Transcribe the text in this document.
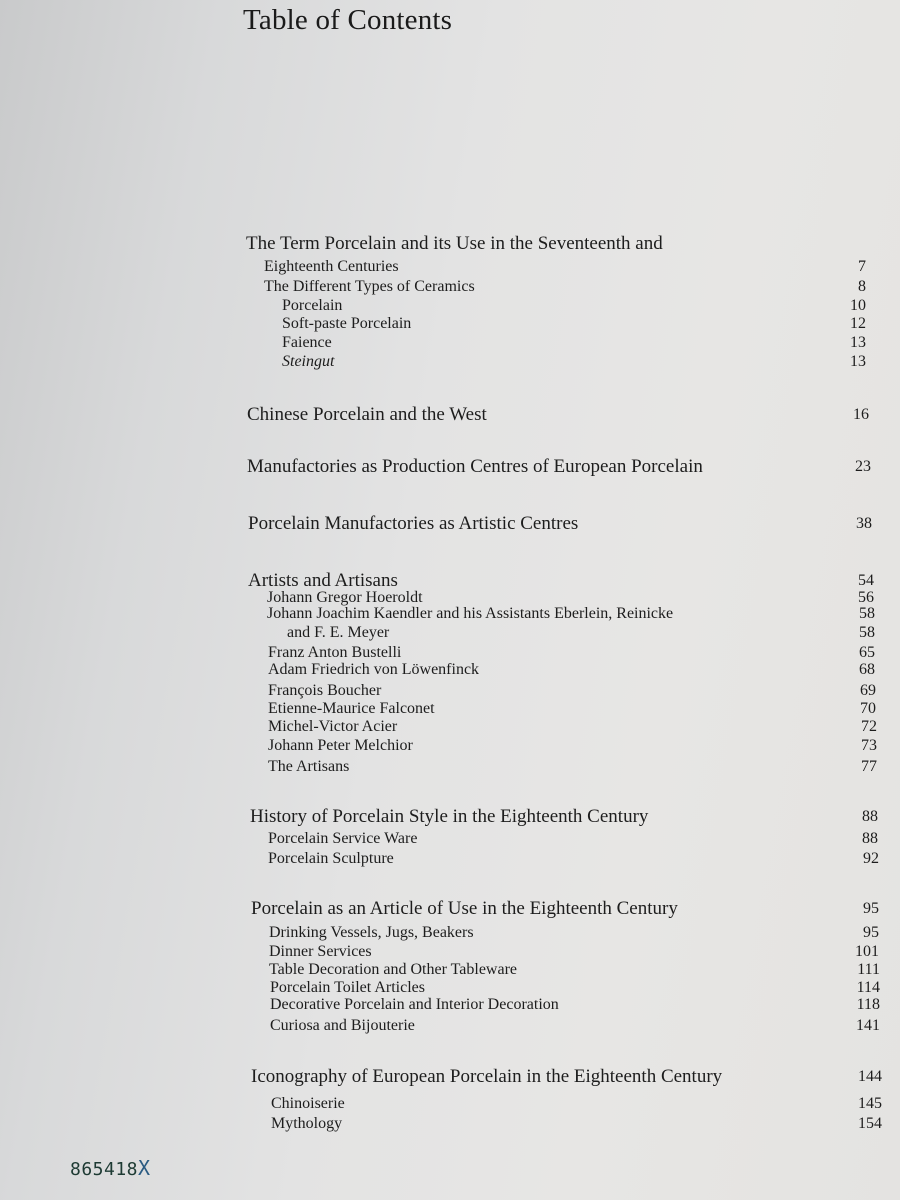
Table of Contents
The Term Porcelain and its Use in the Seventeenth and
Eighteenth Centuries	7
The Different Types of Ceramics	8
Porcelain	10
Soft-paste Porcelain	12
Faience	13
Steingut	13
Chinese Porcelain and the West	16
Manufactories as Production Centres of European Porcelain	23
Porcelain Manufactories as Artistic Centres	38
Artists and Artisans	54
Johann Gregor Hoeroldt	56
Johann Joachim Kaendler and his Assistants Eberlein, Reinicke	58
and F. E. Meyer	58
Franz Anton Bustelli	65
Adam Friedrich von Löwenfinck	68
François Boucher	69
Etienne-Maurice Falconet	70
Michel-Victor Acier	72
Johann Peter Melchior	73
The Artisans	77
History of Porcelain Style in the Eighteenth Century	88
Porcelain Service Ware	88
Porcelain Sculpture	92
Porcelain as an Article of Use in the Eighteenth Century	95
Drinking Vessels, Jugs, Beakers	95
Dinner Services	101
Table Decoration and Other Tableware	111
Porcelain Toilet Articles	114
Decorative Porcelain and Interior Decoration	118
Curiosa and Bijouterie	141
Iconography of European Porcelain in the Eighteenth Century	144
Chinoiserie	145
Mythology	154
865418X
